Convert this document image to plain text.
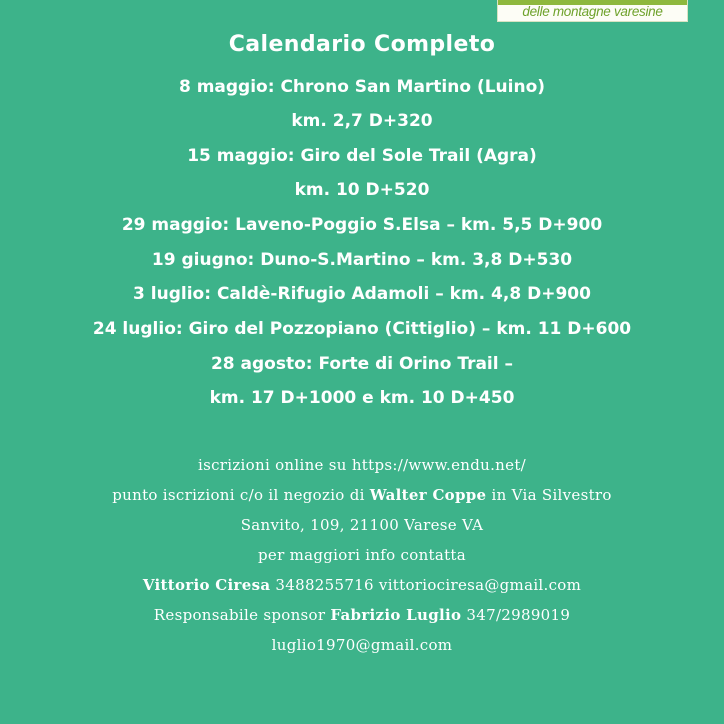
delle montagne varesine
Calendario Completo
8 maggio: Chrono San Martino (Luino)
km. 2,7 D+320
15 maggio: Giro del Sole Trail (Agra)
km. 10 D+520
29 maggio: Laveno-Poggio S.Elsa – km. 5,5 D+900
19 giugno: Duno-S.Martino – km. 3,8 D+530
3 luglio: Caldè-Rifugio Adamoli – km. 4,8 D+900
24 luglio: Giro del Pozzopiano (Cittiglio) – km. 11 D+600
28 agosto: Forte di Orino Trail –
km. 17 D+1000 e km. 10 D+450
iscrizioni online su https://www.endu.net/
punto iscrizioni c/o il negozio di Walter Coppe in Via Silvestro
Sanvito, 109, 21100 Varese VA
per maggiori info contatta
Vittorio Ciresa 3488255716 vittoriociresa@gmail.com
Responsabile sponsor Fabrizio Luglio 347/2989019
luglio1970@gmail.com
